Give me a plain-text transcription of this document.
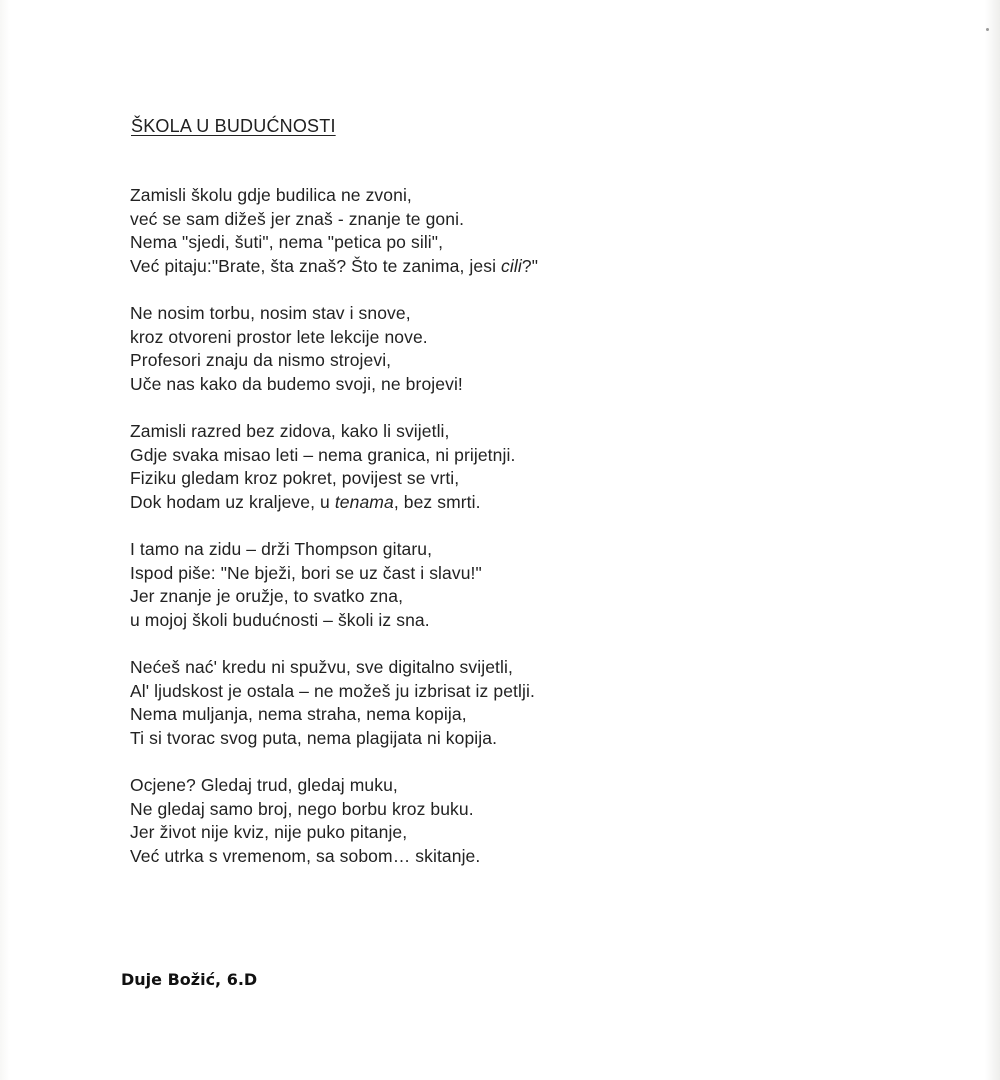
ŠKOLA U BUDUĆNOSTI
Zamisli školu gdje budilica ne zvoni,
već se sam dižeš jer znaš - znanje te goni.
Nema "sjedi, šuti", nema "petica po sili",
Već pitaju:"Brate, šta znaš? Što te zanima, jesi cili?"
Ne nosim torbu, nosim stav i snove,
kroz otvoreni prostor lete lekcije nove.
Profesori znaju da nismo strojevi,
Uče nas kako da budemo svoji, ne brojevi!
Zamisli razred bez zidova, kako li svijetli,
Gdje svaka misao leti – nema granica, ni prijetnji.
Fiziku gledam kroz pokret, povijest se vrti,
Dok hodam uz kraljeve, u tenama, bez smrti.
I tamo na zidu – drži Thompson gitaru,
Ispod piše: "Ne bježi, bori se uz čast i slavu!"
Jer znanje je oružje, to svatko zna,
u mojoj školi budućnosti – školi iz sna.
Nećeš nać' kredu ni spužvu, sve digitalno svijetli,
Al' ljudskost je ostala – ne možeš ju izbrisat iz petlji.
Nema muljanja, nema straha, nema kopija,
Ti si tvorac svog puta, nema plagijata ni kopija.
Ocjene? Gledaj trud, gledaj muku,
Ne gledaj samo broj, nego borbu kroz buku.
Jer život nije kviz, nije puko pitanje,
Već utrka s vremenom, sa sobom… skitanje.
Duje Božić, 6.D
